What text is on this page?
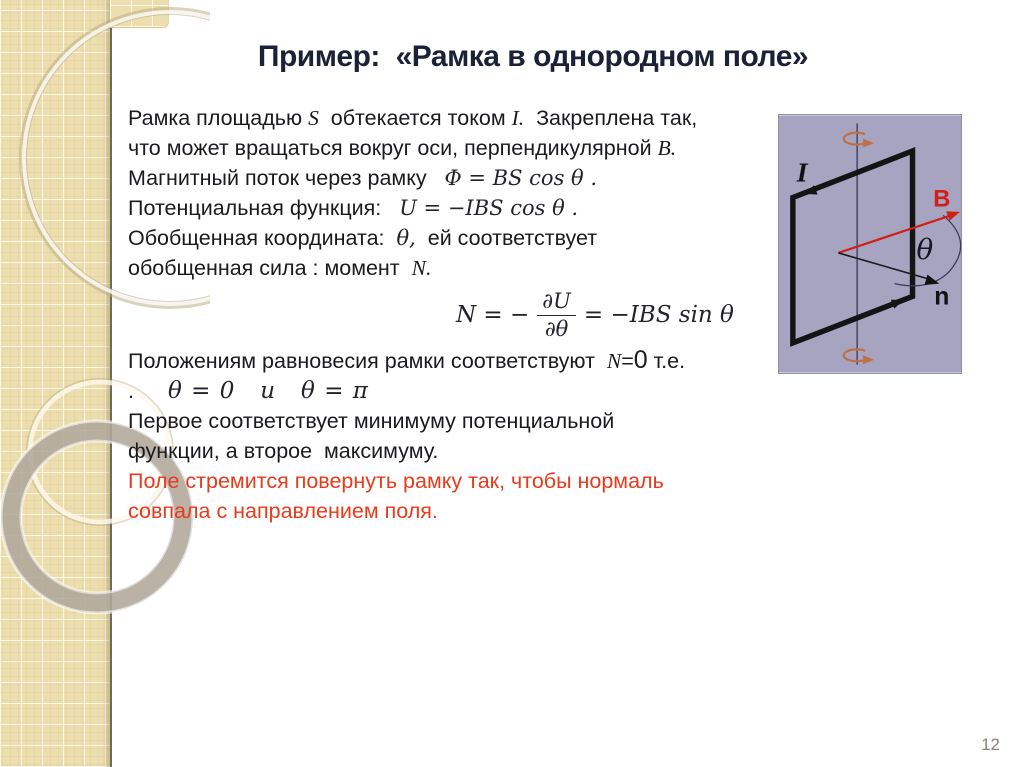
Пример:  «Рамка в однородном поле»
Рамка площадью S  обтекается током I.  Закреплена так,
что может вращаться вокруг оси, перпендикулярной B.
Магнитный поток через рамку   Φ = BS cos θ .
Потенциальная функция:   U = −IBS cos θ .
Обобщенная координата:  θ,  ей соответствует
обобщенная сила : момент  N.
N = − $\frac{\partial U}{\partial\theta} = -IBS$ sin θ
Положениям равновесия рамки соответствуют  N=0 т.е.
. θ = 0   и   θ = π
Первое соответствует минимуму потенциальной
функции, а второе  максимуму.
Поле стремится повернуть рамку так, чтобы нормаль
совпала с направлением поля.
I
B
θ
n
12
